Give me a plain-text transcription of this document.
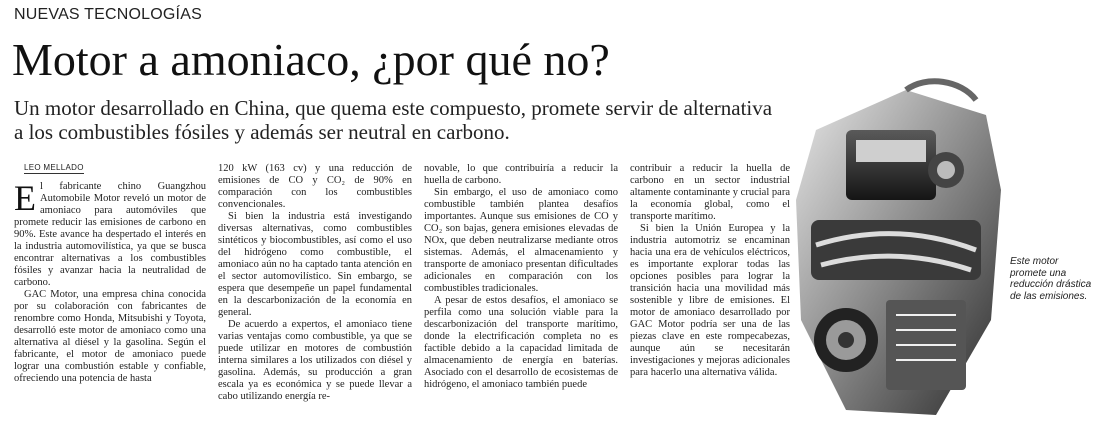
NUEVAS TECNOLOGÍAS
Motor a amoniaco, ¿por qué no?

Un motor desarrollado en China, que quema este compuesto, promete servir de alternativa a los combustibles fósiles y además ser neutral en carbono.

LEO MELLADO

El fabricante chino Guangzhou Automobile Motor reveló un motor de amoniaco para automóviles que promete reducir las emisiones de carbono en 90%. Este avance ha despertado el interés en la industria automovilística, ya que se busca encontrar alternativas a los combustibles fósiles y avanzar hacia la neutralidad de carbono.

GAC Motor, una empresa china conocida por su colaboración con fabricantes de renombre como Honda, Mitsubishi y Toyota, desarrolló este motor de amoniaco como una alternativa al diésel y la gasolina. Según el fabricante, el motor de amoniaco puede lograr una combustión estable y confiable, ofreciendo una potencia de hasta

120 kW (163 cv) y una reducción de emisiones de CO y CO₂ de 90% en comparación con los combustibles convencionales.

Si bien la industria está investigando diversas alternativas, como combustibles sintéticos y biocombustibles, así como el uso del hidrógeno como combustible, el amoniaco aún no ha captado tanta atención en el sector automovilístico. Sin embargo, se espera que desempeñe un papel fundamental en la descarbonización de la economía en general.

De acuerdo a expertos, el amoniaco tiene varias ventajas como combustible, ya que se puede utilizar en motores de combustión interna similares a los utilizados con diésel y gasolina. Además, su producción a gran escala ya es económica y se puede llevar a cabo utilizando energía re-

novable, lo que contribuiría a reducir la huella de carbono.

Sin embargo, el uso de amoniaco como combustible también plantea desafíos importantes. Aunque sus emisiones de CO y CO₂ son bajas, genera emisiones elevadas de NOx, que deben neutralizarse mediante otros sistemas. Además, el almacenamiento y transporte de amoniaco presentan dificultades adicionales en comparación con los combustibles tradicionales.

A pesar de estos desafíos, el amoniaco se perfila como una solución viable para la descarbonización del transporte marítimo, donde la electrificación completa no es factible debido a la capacidad limitada de almacenamiento de energía en baterías. Asociado con el desarrollo de ecosistemas de hidrógeno, el amoniaco también puede

contribuir a reducir la huella de carbono en un sector industrial altamente contaminante y crucial para la economía global, como el transporte marítimo.

Si bien la Unión Europea y la industria automotriz se encaminan hacia una era de vehículos eléctricos, es importante explorar todas las opciones posibles para lograr la transición hacia una movilidad más sostenible y libre de emisiones. El motor de amoniaco desarrollado por GAC Motor podría ser una de las piezas clave en este rompecabezas, aunque aún se necesitarán investigaciones y mejoras adicionales para hacerlo una alternativa válida.

Este motor promete una reducción drástica de las emisiones.
